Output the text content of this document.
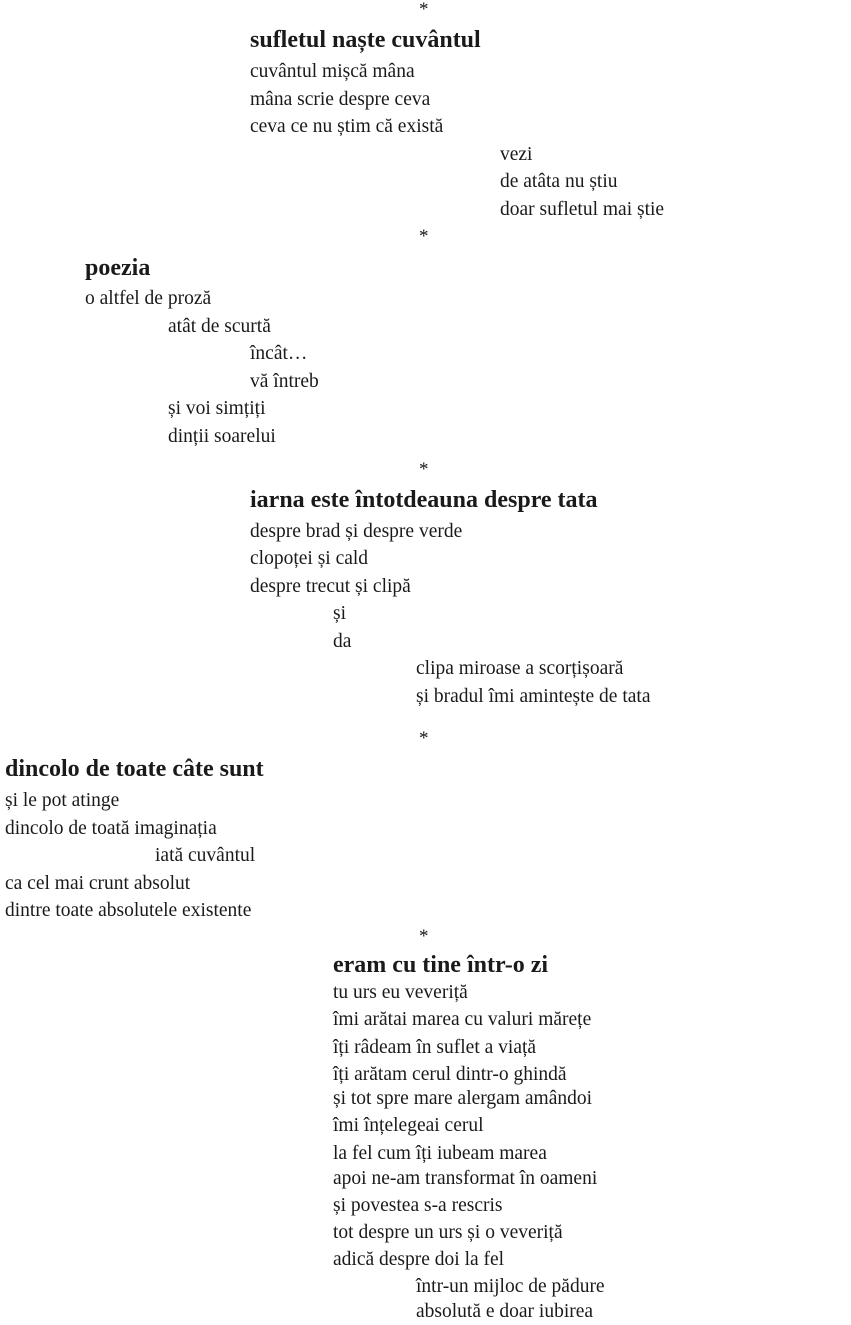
*
sufletul naște cuvântul
cuvântul mișcă mâna
mâna scrie despre ceva
ceva ce nu știm că există
vezi
de atâta nu știu
doar sufletul mai știe
*
poezia
o altfel de proză
atât de scurtă
încât…
vă întreb
și voi simțiți
dinții soarelui
*
iarna este întotdeauna despre tata
despre brad și despre verde
clopoței și cald
despre trecut și clipă
și
da
clipa miroase a scorțișoară
și bradul îmi amintește de tata
*
dincolo de toate câte sunt
și le pot atinge
dincolo de toată imaginația
iată cuvântul
ca cel mai crunt absolut
dintre toate absolutele existente
*
eram cu tine într-o zi
tu urs eu veveriță
îmi arătai marea cu valuri mărețe
îți râdeam în suflet a viață
îți arătam cerul dintr-o ghindă
și tot spre mare alergam amândoi
îmi înțelegeai cerul
la fel cum îți iubeam marea
apoi ne-am transformat în oameni
și povestea s-a rescris
tot despre un urs și o veveriță
adică despre doi la fel
într-un mijloc de pădure
absolută e doar iubirea
